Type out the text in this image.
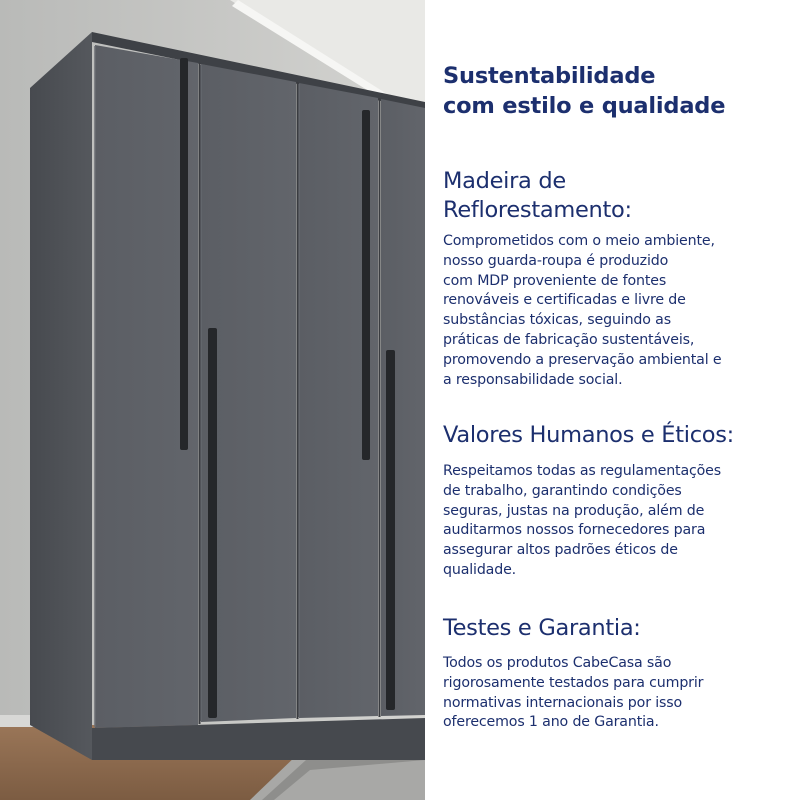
Sustentabilidade
com estilo e qualidade
Madeira de
Reflorestamento:

Comprometidos com o meio ambiente,
nosso guarda-roupa é produzido
com MDP proveniente de fontes
renováveis e certificadas e livre de
substâncias tóxicas, seguindo as
práticas de fabricação sustentáveis,
promovendo a preservação ambiental e
a responsabilidade social.

Valores Humanos e Éticos:

Respeitamos todas as regulamentações
de trabalho, garantindo condições
seguras, justas na produção, além de
auditarmos nossos fornecedores para
assegurar altos padrões éticos de
qualidade.

Testes e Garantia:

Todos os produtos CabeCasa são
rigorosamente testados para cumprir
normativas internacionais por isso
oferecemos 1 ano de Garantia.
